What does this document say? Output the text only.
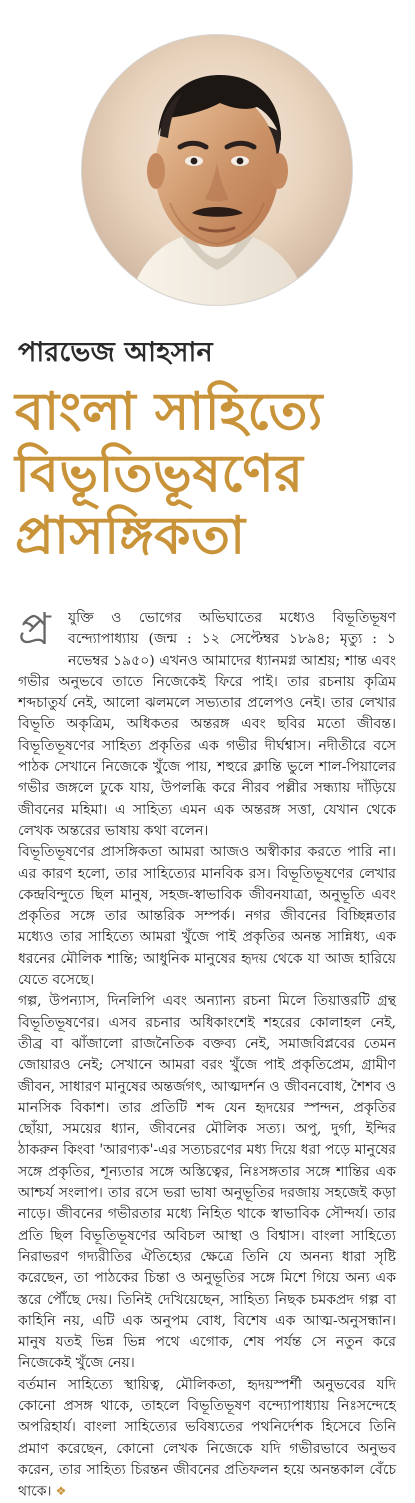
পারভেজ আহসান
বাংলা সাহিত্যে
বিভূতিভূষণের
প্রাসঙ্গিকতা

প্র	যুক্তি ও ভোগের অভিঘাতের মধ্যেও বিভূতিভূষণ বন্দ্যোপাধ্যায় (জন্ম : ১২ সেপ্টেম্বর ১৮৯৪; মৃত্যু : ১ নভেম্বর ১৯৫০) এখনও আমাদের ধ্যানমগ্ন আশ্রয়; শান্ত এবং গভীর অনুভবে তাতে নিজেকেই ফিরে পাই। তার রচনায় কৃত্রিম শব্দচাতুর্য নেই, আলো ঝলমলে সভ্যতার প্রলেপও নেই। তার লেখার বিভূতি অকৃত্রিম, অধিকতর অন্তরঙ্গ এবং ছবির মতো জীবন্ত। বিভূতিভূষণের সাহিত্য প্রকৃতির এক গভীর দীর্ঘশ্বাস। নদীতীরে বসে পাঠক সেখানে নিজেকে খুঁজে পায়, শহুরে ক্লান্তি ভুলে শাল-পিয়ালের গভীর জঙ্গলে ঢুকে যায়, উপলব্ধি করে নীরব পল্লীর সন্ধ্যায় দাঁড়িয়ে জীবনের মহিমা। এ সাহিত্য এমন এক অন্তরঙ্গ সত্তা, যেখান থেকে লেখক অন্তরের ভাষায় কথা বলেন।

বিভূতিভূষণের প্রাসঙ্গিকতা আমরা আজও অস্বীকার করতে পারি না। এর কারণ হলো, তার সাহিত্যের মানবিক রস। বিভূতিভূষণের লেখার কেন্দ্রবিন্দুতে ছিল মানুষ, সহজ-স্বাভাবিক জীবনযাত্রা, অনুভূতি এবং প্রকৃতির সঙ্গে তার আন্তরিক সম্পর্ক। নগর জীবনের বিচ্ছিন্নতার মধ্যেও তার সাহিত্যে আমরা খুঁজে পাই প্রকৃতির অনন্ত সান্নিধ্য, এক ধরনের মৌলিক শান্তি; আধুনিক মানুষের হৃদয় থেকে যা আজ হারিয়ে যেতে বসেছে।

গল্প, উপন্যাস, দিনলিপি এবং অন্যান্য রচনা মিলে তিয়াত্তরটি গ্রন্থ বিভূতিভূষণের। এসব রচনার অধিকাংশেই শহরের কোলাহল নেই, তীব্র বা ঝাঁজালো রাজনৈতিক বক্তব্য নেই, সমাজবিপ্লবের তেমন জোয়ারও নেই; সেখানে আমরা বরং খুঁজে পাই প্রকৃতিপ্রেম, গ্রামীণ জীবন, সাধারণ মানুষের অন্তর্জগৎ, আত্মদর্শন ও জীবনবোধ, শৈশব ও মানসিক বিকাশ। তার প্রতিটি শব্দ যেন হৃদয়ের স্পন্দন, প্রকৃতির ছোঁয়া, সময়ের ধ্যান, জীবনের মৌলিক সত্য। অপু, দুর্গা, ইন্দির ঠাকরুন কিংবা 'আরণ্যক'-এর সত্যচরণের মধ্য দিয়ে ধরা পড়ে মানুষের সঙ্গে প্রকৃতির, শূন্যতার সঙ্গে অস্তিত্বের, নিঃসঙ্গতার সঙ্গে শান্তির এক আশ্চর্য সংলাপ। তার রসে ভরা ভাষা অনুভূতির দরজায় সহজেই কড়া নাড়ে। জীবনের গভীরতার মধ্যে নিহিত থাকে স্বাভাবিক সৌন্দর্য। তার প্রতি ছিল বিভূতিভূষণের অবিচল আস্থা ও বিশ্বাস। বাংলা সাহিত্যে নিরাভরণ গদ্যরীতির ঐতিহ্যের ক্ষেত্রে তিনি যে অনন্য ধারা সৃষ্টি করেছেন, তা পাঠকের চিন্তা ও অনুভূতির সঙ্গে মিশে গিয়ে অন্য এক স্তরে পৌঁছে দেয়। তিনিই দেখিয়েছেন, সাহিত্য নিছক চমকপ্রদ গল্প বা কাহিনি নয়, এটি এক অনুপম বোধ, বিশেষ এক আত্ম-অনুসন্ধান। মানুষ যতই ভিন্ন ভিন্ন পথে এগোক, শেষ পর্যন্ত সে নতুন করে নিজেকেই খুঁজে নেয়।

বর্তমান সাহিত্যে স্থায়িত্ব, মৌলিকতা, হৃদয়স্পর্শী অনুভবের যদি কোনো প্রসঙ্গ থাকে, তাহলে বিভূতিভূষণ বন্দ্যোপাধ্যায় নিঃসন্দেহে অপরিহার্য। বাংলা সাহিত্যের ভবিষ্যতের পথনির্দেশক হিসেবে তিনি প্রমাণ করেছেন, কোনো লেখক নিজেকে যদি গভীরভাবে অনুভব করেন, তার সাহিত্য চিরন্তন জীবনের প্রতিফলন হয়ে অনন্তকাল বেঁচে থাকে। ❖
